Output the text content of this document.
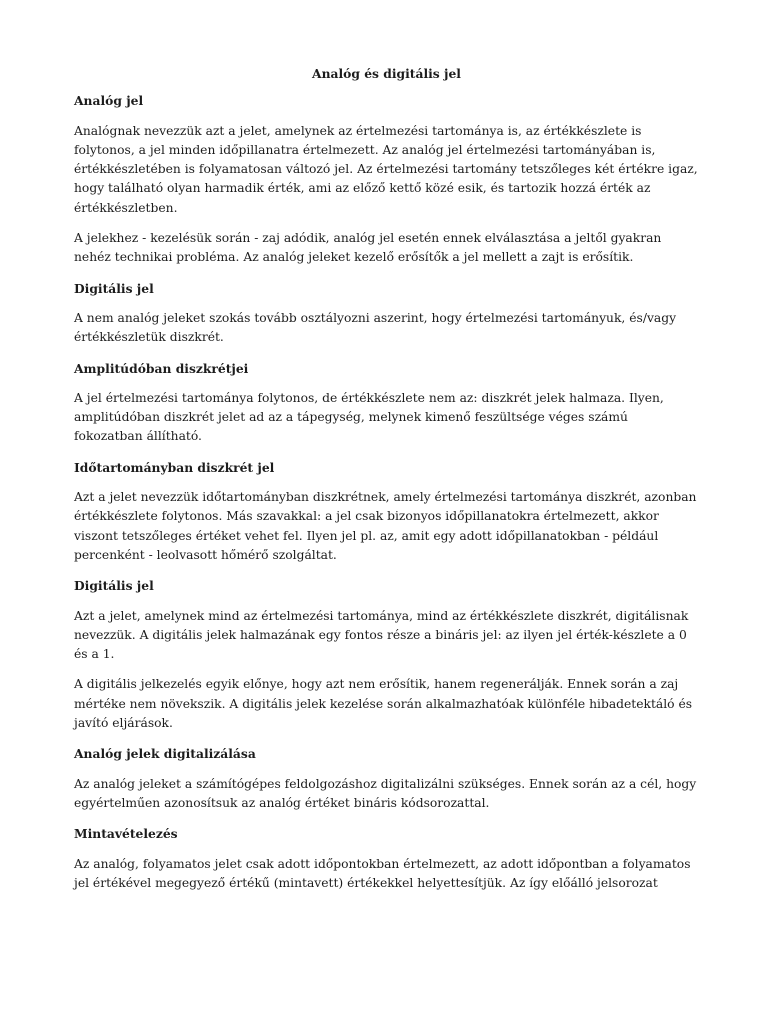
Analóg és digitális jel
Analóg jel

Analógnak nevezzük azt a jelet, amelynek az értelmezési tartománya is, az értékkészlete is folytonos, a jel minden időpillanatra értelmezett. Az analóg jel értelmezési tartományában is, értékkészletében is folyamatosan változó jel. Az értelmezési tartomány tetszőleges két értékre igaz, hogy található olyan harmadik érték, ami az előző kettő közé esik, és tartozik hozzá érték az értékkészletben.

A jelekhez - kezelésük során - zaj adódik, analóg jel esetén ennek elválasztása a jeltől gyakran nehéz technikai probléma. Az analóg jeleket kezelő erősítők a jel mellett a zajt is erősítik.

Digitális jel

A nem analóg jeleket szokás tovább osztályozni aszerint, hogy értelmezési tartományuk, és/vagy értékkészletük diszkrét.

Amplitúdóban diszkrétjei

A jel értelmezési tartománya folytonos, de értékkészlete nem az: diszkrét jelek halmaza. Ilyen, amplitúdóban diszkrét jelet ad az a tápegység, melynek kimenő feszültsége véges számú fokozatban állítható.

Időtartományban diszkrét jel

Azt a jelet nevezzük időtartományban diszkrétnek, amely értelmezési tartománya diszkrét, azonban értékkészlete folytonos. Más szavakkal: a jel csak bizonyos időpillanatokra értelmezett, akkor viszont tetszőleges értéket vehet fel. Ilyen jel pl. az, amit egy adott időpillanatokban - például percenként - leolvasott hőmérő szolgáltat.

Digitális jel

Azt a jelet, amelynek mind az értelmezési tartománya, mind az értékkészlete diszkrét, digitálisnak nevezzük. A digitális jelek halmazának egy fontos része a bináris jel: az ilyen jel érték-készlete a 0 és a 1.

A digitális jelkezelés egyik előnye, hogy azt nem erősítik, hanem regenerálják. Ennek során a zaj mértéke nem növekszik. A digitális jelek kezelése során alkalmazhatóak különféle hibadetektáló és javító eljárások.

Analóg jelek digitalizálása

Az analóg jeleket a számítógépes feldolgozáshoz digitalizálni szükséges. Ennek során az a cél, hogy egyértelműen azonosítsuk az analóg értéket bináris kódsorozattal.

Mintavételezés

Az analóg, folyamatos jelet csak adott időpontokban értelmezett, az adott időpontban a folyamatos jel értékével megegyező értékű (mintavett) értékekkel helyettesítjük. Az így előálló jelsorozat
